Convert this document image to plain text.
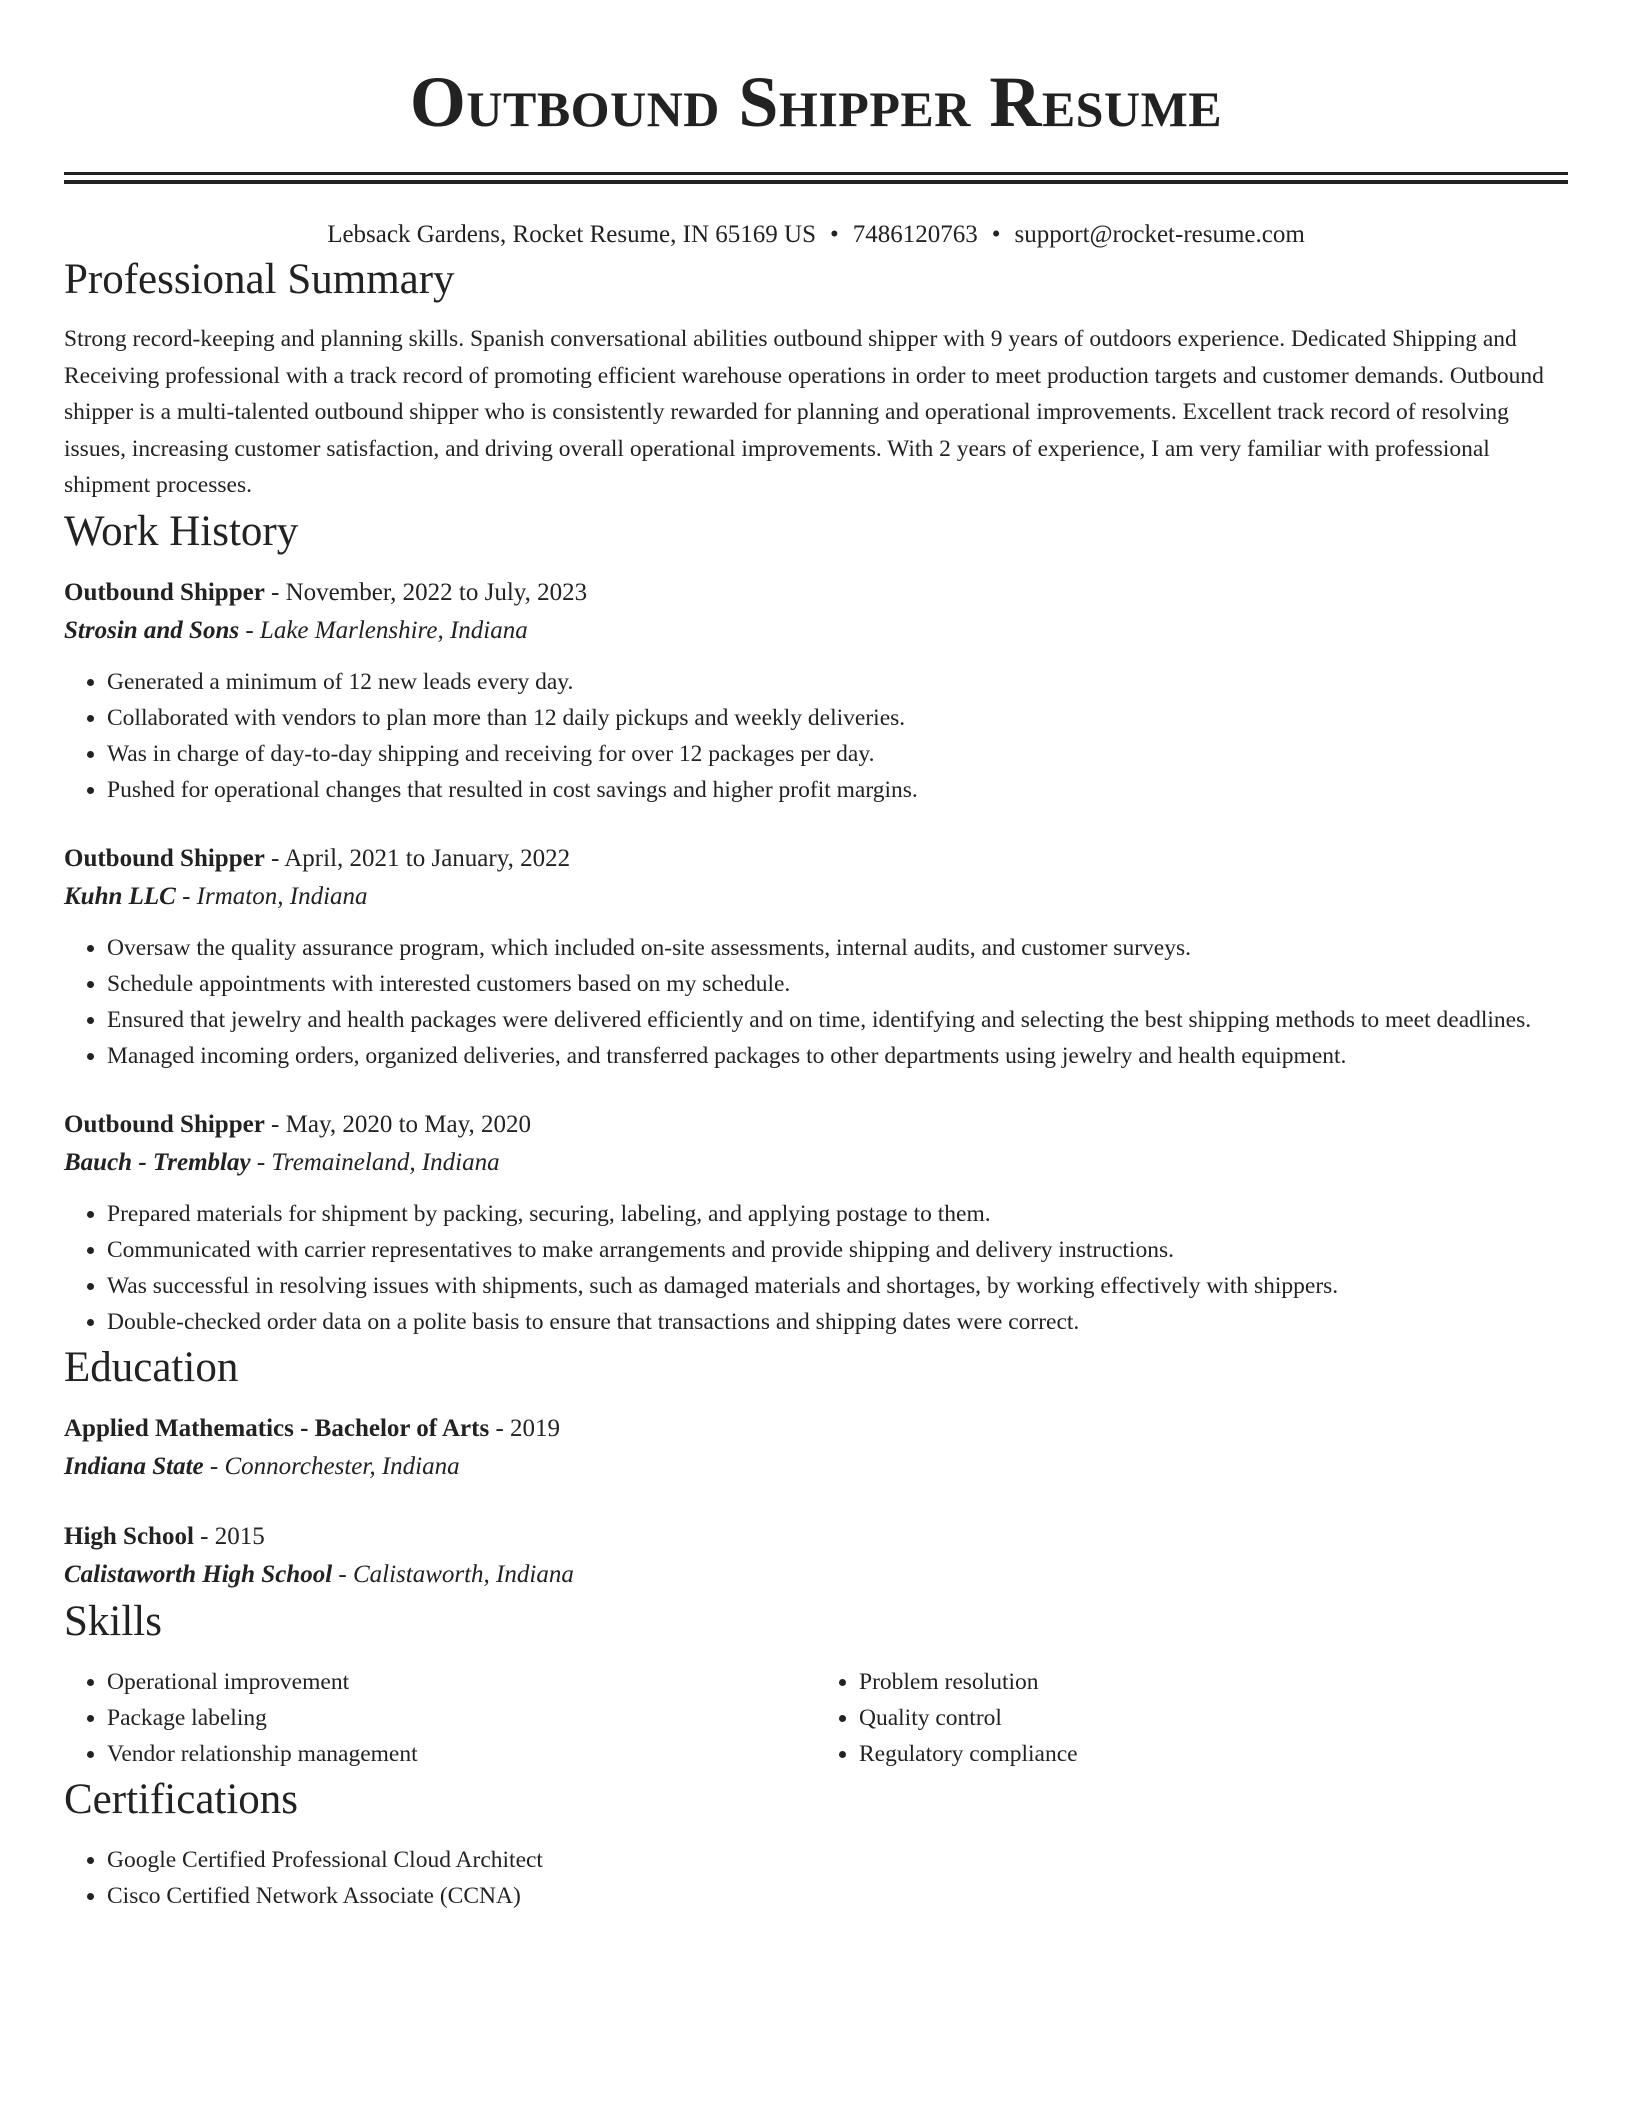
Outbound Shipper Resume
Lebsack Gardens, Rocket Resume, IN 65169 US • 7486120763 • support@rocket-resume.com
Professional Summary

Strong record-keeping and planning skills. Spanish conversational abilities outbound shipper with 9 years of outdoors experience. Dedicated Shipping and Receiving professional with a track record of promoting efficient warehouse operations in order to meet production targets and customer demands. Outbound shipper is a multi-talented outbound shipper who is consistently rewarded for planning and operational improvements. Excellent track record of resolving issues, increasing customer satisfaction, and driving overall operational improvements. With 2 years of experience, I am very familiar with professional shipment processes.

Work History
Outbound Shipper - November, 2022 to July, 2023
Strosin and Sons - Lake Marlenshire, Indiana
• Generated a minimum of 12 new leads every day.
• Collaborated with vendors to plan more than 12 daily pickups and weekly deliveries.
• Was in charge of day-to-day shipping and receiving for over 12 packages per day.
• Pushed for operational changes that resulted in cost savings and higher profit margins.
Outbound Shipper - April, 2021 to January, 2022
Kuhn LLC - Irmaton, Indiana
• Oversaw the quality assurance program, which included on-site assessments, internal audits, and customer surveys.
• Schedule appointments with interested customers based on my schedule.
• Ensured that jewelry and health packages were delivered efficiently and on time, identifying and selecting the best shipping methods to meet deadlines.
• Managed incoming orders, organized deliveries, and transferred packages to other departments using jewelry and health equipment.
Outbound Shipper - May, 2020 to May, 2020
Bauch - Tremblay - Tremaineland, Indiana
• Prepared materials for shipment by packing, securing, labeling, and applying postage to them.
• Communicated with carrier representatives to make arrangements and provide shipping and delivery instructions.
• Was successful in resolving issues with shipments, such as damaged materials and shortages, by working effectively with shippers.
• Double-checked order data on a polite basis to ensure that transactions and shipping dates were correct.
Education
Applied Mathematics - Bachelor of Arts - 2019
Indiana State - Connorchester, Indiana
High School - 2015
Calistaworth High School - Calistaworth, Indiana
Skills
• Operational improvement
• Package labeling
• Vendor relationship management
• Problem resolution
• Quality control
• Regulatory compliance
Certifications
• Google Certified Professional Cloud Architect
• Cisco Certified Network Associate (CCNA)
